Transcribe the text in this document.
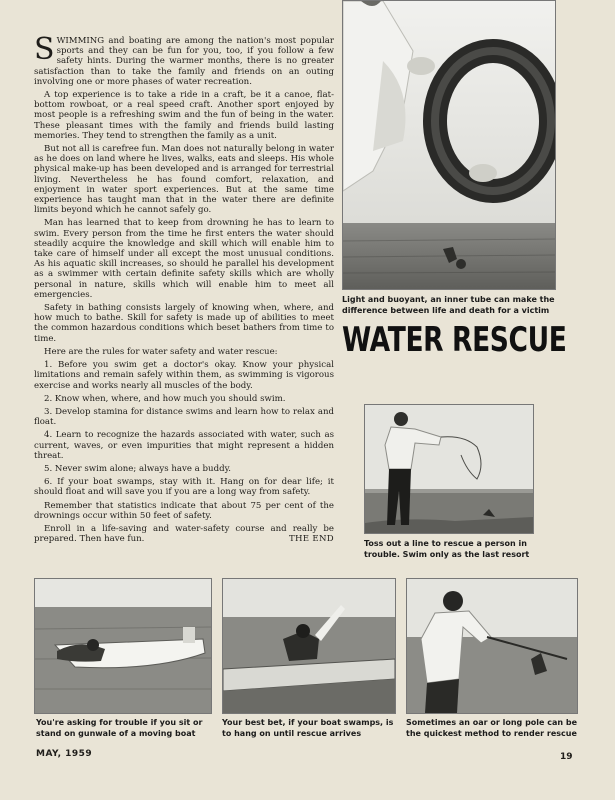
SWIMMING and boating are among the nation's most popular sports and they can be fun for you, too, if you follow a few safety hints. During the warmer months, there is no greater satisfaction than to take the family and friends on an outing involving one or more phases of water recreation.

A top experience is to take a ride in a craft, be it a canoe, flat-bottom rowboat, or a real speed craft. Another sport enjoyed by most people is a refreshing swim and the fun of being in the water. These pleasant times with the family and friends build lasting memories. They tend to strengthen the family as a unit.

But not all is carefree fun. Man does not naturally belong in water as he does on land where he lives, walks, eats and sleeps. His whole physical make-up has been developed and is arranged for terrestrial living. Nevertheless he has found comfort, relaxation, and enjoyment in water sport experiences. But at the same time experience has taught man that in the water there are definite limits beyond which he cannot safely go.

Man has learned that to keep from drowning he has to learn to swim. Every person from the time he first enters the water should steadily acquire the knowledge and skill which will enable him to take care of himself under all except the most unusual conditions. As his aquatic skill increases, so should he parallel his development as a swimmer with certain definite safety skills which are wholly personal in nature, skills which will enable him to meet all emergencies.

Safety in bathing consists largely of knowing when, where, and how much to bathe. Skill for safety is made up of abilities to meet the common hazardous conditions which beset bathers from time to time.

Here are the rules for water safety and water rescue:

1. Before you swim get a doctor's okay. Know your physical limitations and remain safely within them, as swimming is vigorous exercise and works nearly all muscles of the body.

2. Know when, where, and how much you should swim.

3. Develop stamina for distance swims and learn how to relax and float.

4. Learn to recognize the hazards associated with water, such as current, waves, or even impurities that might represent a hidden threat.

5. Never swim alone; always have a buddy.

6. If your boat swamps, stay with it. Hang on for dear life; it should float and will save you if you are a long way from safety.

Remember that statistics indicate that about 75 per cent of the drownings occur within 50 feet of safety.

Enroll in a life-saving and water-safety course and really be prepared. Then have fun.	THE END

Light and buoyant, an inner tube can make the difference between life and death for a victim
WATER RESCUE
Toss out a line to rescue a person in trouble. Swim only as the last resort
You're asking for trouble if you sit or stand on gunwale of a moving boat
Your best bet, if your boat swamps, is to hang on until rescue arrives
Sometimes an oar or long pole can be the quickest method to render rescue
MAY, 1959	19
